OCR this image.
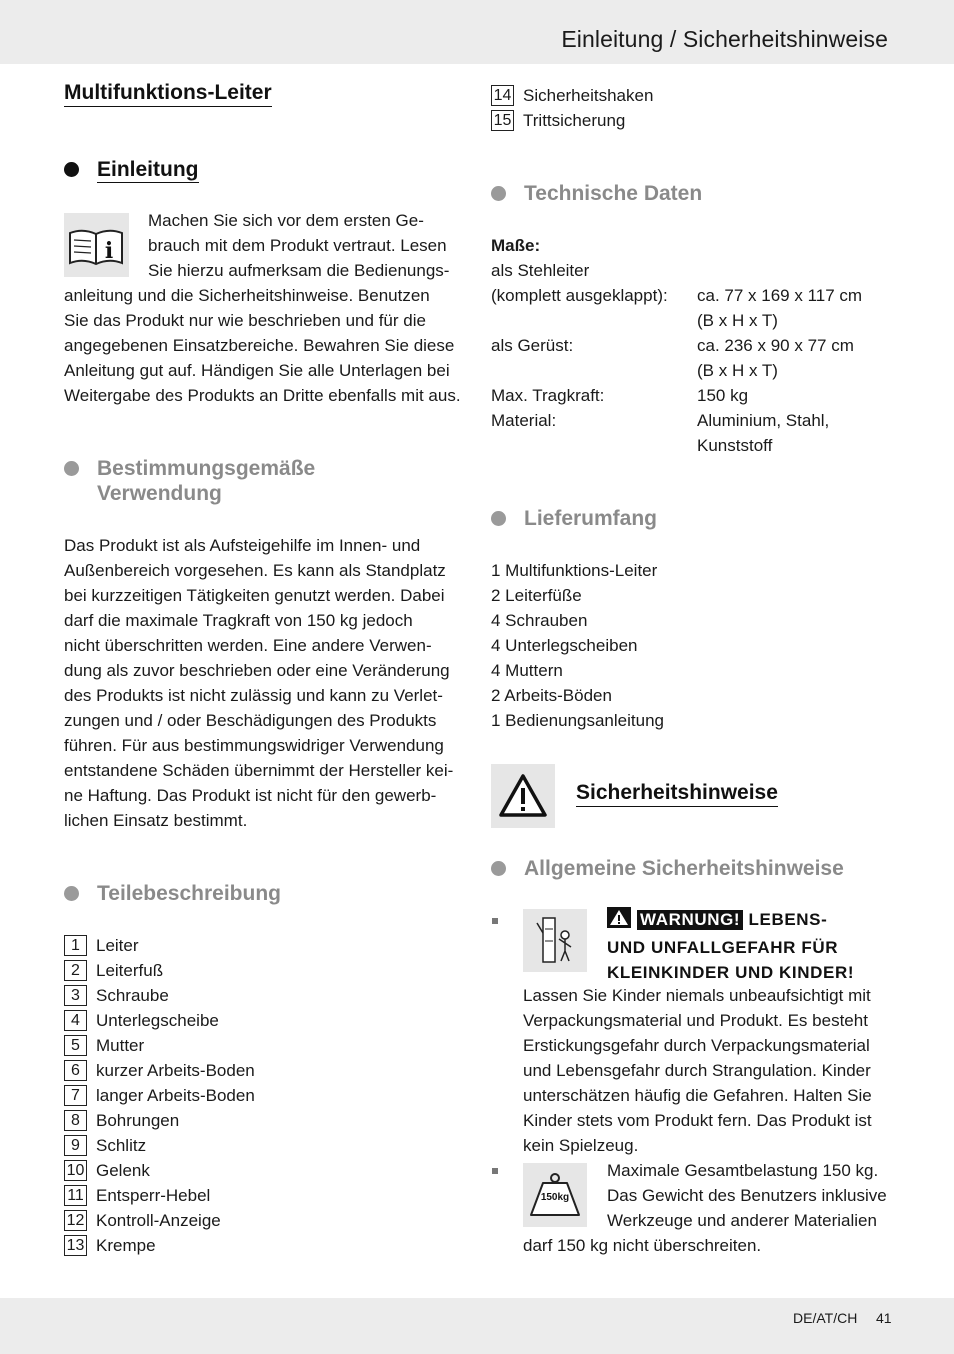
Einleitung / Sicherheitshinweise
DE/AT/CH 41
Multifunktions-Leiter
Einleitung
i
Machen Sie sich vor dem ersten Ge-
brauch mit dem Produkt vertraut. Lesen
Sie hierzu aufmerksam die Bedienungs-
anleitung und die Sicherheitshinweise. Benutzen
Sie das Produkt nur wie beschrieben und für die
angegebenen Einsatzbereiche. Bewahren Sie diese
Anleitung gut auf. Händigen Sie alle Unterlagen bei
Weitergabe des Produkts an Dritte ebenfalls mit aus.
Bestimmungsgemäße
Verwendung
Das Produkt ist als Aufsteigehilfe im Innen- und
Außenbereich vorgesehen. Es kann als Standplatz
bei kurzzeitigen Tätigkeiten genutzt werden. Dabei
darf die maximale Tragkraft von 150 kg jedoch
nicht überschritten werden. Eine andere Verwen-
dung als zuvor beschrieben oder eine Veränderung
des Produkts ist nicht zulässig und kann zu Verlet-
zungen und / oder Beschädigungen des Produkts
führen. Für aus bestimmungswidriger Verwendung
entstandene Schäden übernimmt der Hersteller kei-
ne Haftung. Das Produkt ist nicht für den gewerb-
lichen Einsatz bestimmt.
Teilebeschreibung
1 Leiter
2 Leiterfuß
3 Schraube
4 Unterlegscheibe
5 Mutter
6 kurzer Arbeits-Boden
7 langer Arbeits-Boden
8 Bohrungen
9 Schlitz
10 Gelenk
11 Entsperr-Hebel
12 Kontroll-Anzeige
13 Krempe
14 Sicherheitshaken
15 Trittsicherung
Technische Daten
Maße:
als Stehleiter
(komplett ausgeklappt): ca. 77 x 169 x 117 cm
(B x H x T)
als Gerüst:	ca. 236 x 90 x 77 cm
(B x H x T)
Max. Tragkraft:	150 kg
Material:	Aluminium, Stahl,
Kunststoff
Lieferumfang
1 Multifunktions-Leiter
2 Leiterfüße
4 Schrauben
4 Unterlegscheiben
4 Muttern
2 Arbeits-Böden
1 Bedienungsanleitung
Sicherheitshinweise
Allgemeine Sicherheitshinweise
WARNUNG! LEBENS-
UND UNFALLGEFAHR FÜR
KLEINKINDER UND KINDER!
Lassen Sie Kinder niemals unbeaufsichtigt mit
Verpackungsmaterial und Produkt. Es besteht
Erstickungsgefahr durch Verpackungsmaterial
und Lebensgefahr durch Strangulation. Kinder
unterschätzen häufig die Gefahren. Halten Sie
Kinder stets vom Produkt fern. Das Produkt ist
kein Spielzeug.
150kg
Maximale Gesamtbelastung 150 kg.
Das Gewicht des Benutzers inklusive
Werkzeuge und anderer Materialien
darf 150 kg nicht überschreiten.
